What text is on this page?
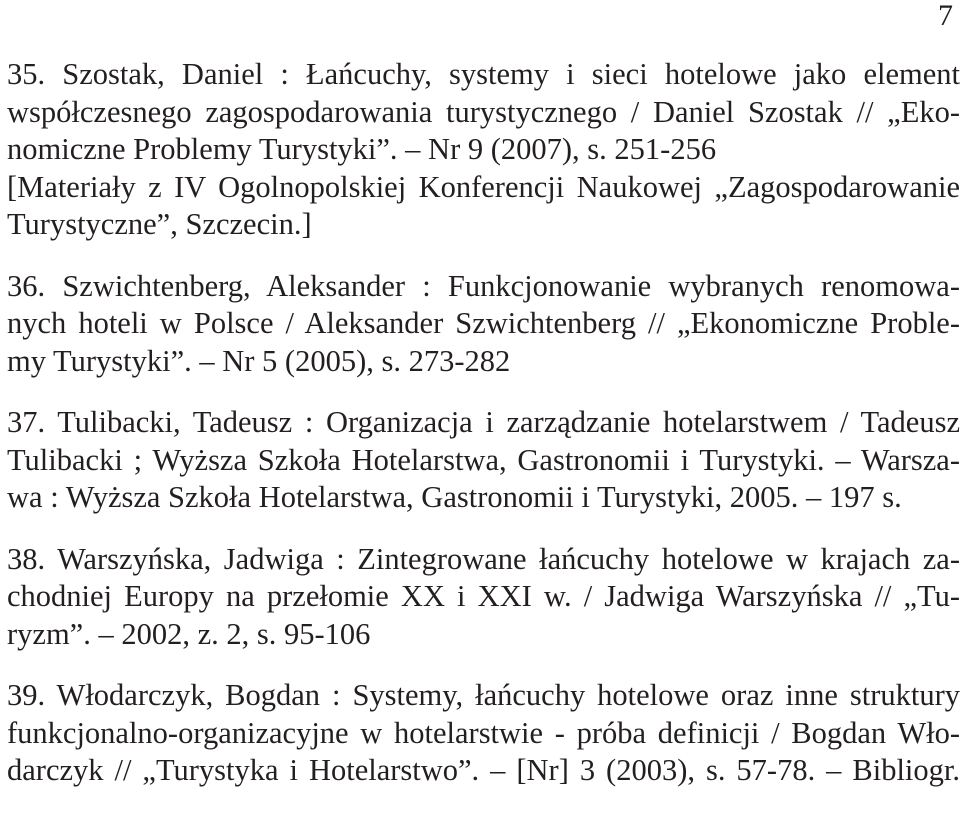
7
35. Szostak, Daniel : Łańcuchy, systemy i sieci hotelowe jako element
współczesnego zagospodarowania turystycznego / Daniel Szostak // „Eko-
nomiczne Problemy Turystyki”. – Nr 9 (2007), s. 251-256
[Materiały z IV Ogolnopolskiej Konferencji Naukowej „Zagospodarowanie
Turystyczne”, Szczecin.]
36. Szwichtenberg, Aleksander : Funkcjonowanie wybranych renomowa-
nych hoteli w Polsce / Aleksander Szwichtenberg // „Ekonomiczne Proble-
my Turystyki”. – Nr 5 (2005), s. 273-282
37. Tulibacki, Tadeusz : Organizacja i zarządzanie hotelarstwem / Tadeusz
Tulibacki ; Wyższa Szkoła Hotelarstwa, Gastronomii i Turystyki. – Warsza-
wa : Wyższa Szkoła Hotelarstwa, Gastronomii i Turystyki, 2005. – 197 s.
38. Warszyńska, Jadwiga : Zintegrowane łańcuchy hotelowe w krajach za-
chodniej Europy na przełomie XX i XXI w. / Jadwiga Warszyńska // „Tu-
ryzm”. – 2002, z. 2, s. 95-106
39. Włodarczyk, Bogdan : Systemy, łańcuchy hotelowe oraz inne struktury
funkcjonalno-organizacyjne w hotelarstwie - próba definicji / Bogdan Wło-
darczyk // „Turystyka i Hotelarstwo”. – [Nr] 3 (2003), s. 57-78. – Bibliogr.
